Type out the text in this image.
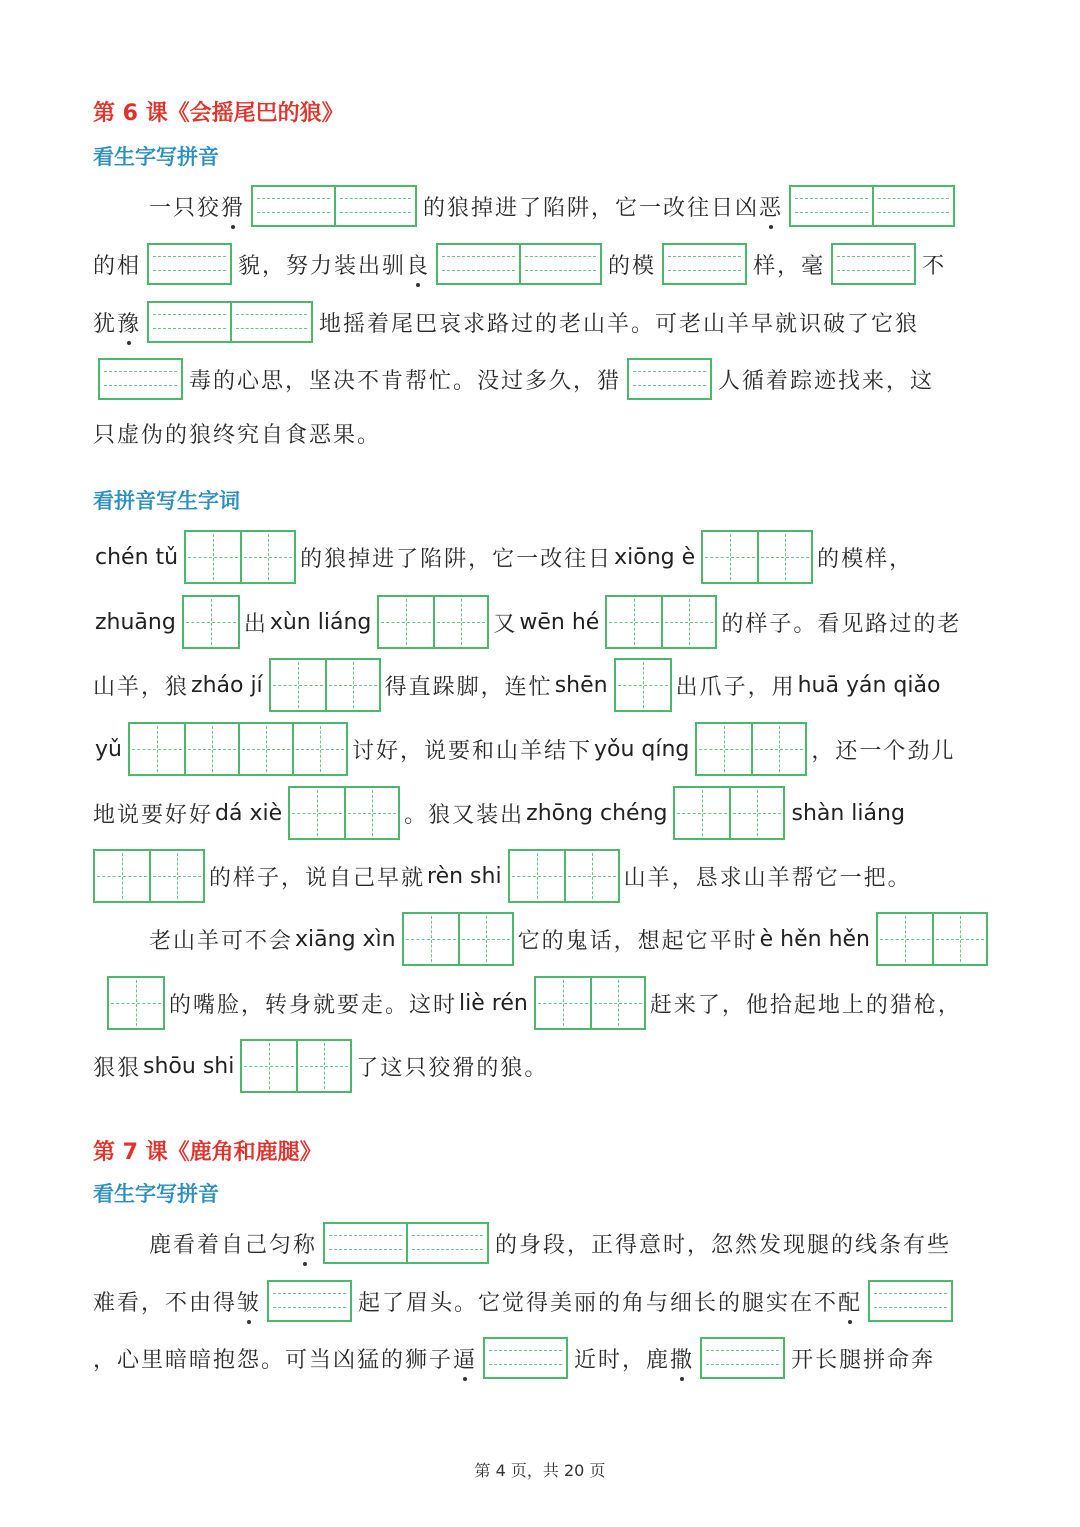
第 6 课《会摇尾巴的狼》
看生字写拼音
一只狡 猾	的狼掉进了陷阱，它一改往日凶 恶
的相	貌，努力装出驯 良	的模	样，毫	不
犹 豫	地摇着尾巴哀求路过的老山羊。可老山羊早就识破了它狼
毒的心思，坚决不肯帮忙。没过多久，猎	人循着踪迹找来，这
只虚伪的狼终究自食恶果。
看拼音写生字词
chén tǔ	的狼掉进了陷阱，它一改往日 xiōng è	的模样，
zhuāng	出 xùn liáng	又 wēn hé	的样子。看见路过的老
山羊，狼 zháo jí	得直跺脚，连忙 shēn	出爪子，用 huā yán qiǎo
yǔ	讨好，说要和山羊结下 yǒu qíng	，还一个劲儿
地说要好好 dá xiè	。狼又装出 zhōng chéng	shàn liáng
的样子，说自己早就 rèn shi	山羊，恳求山羊帮它一把。
老山羊可不会 xiāng xìn	它的鬼话，想起它平时 è hěn hěn
的嘴脸，转身就要走。这时 liè rén	赶来了，他拾起地上的猎枪，
狠狠 shōu shi	了这只狡猾的狼。
第 7 课《鹿角和鹿腿》
看生字写拼音
鹿看着自己匀 称	的身段，正得意时，忽然发现腿的线条有些
难看，不由得 皱	起了眉头。它觉得美丽的角与细长的腿实在不 配
，心里暗暗抱怨。可当凶猛的狮子 逼	近时，鹿 撒	开长腿拼命奔
第 4 页，共 20 页
